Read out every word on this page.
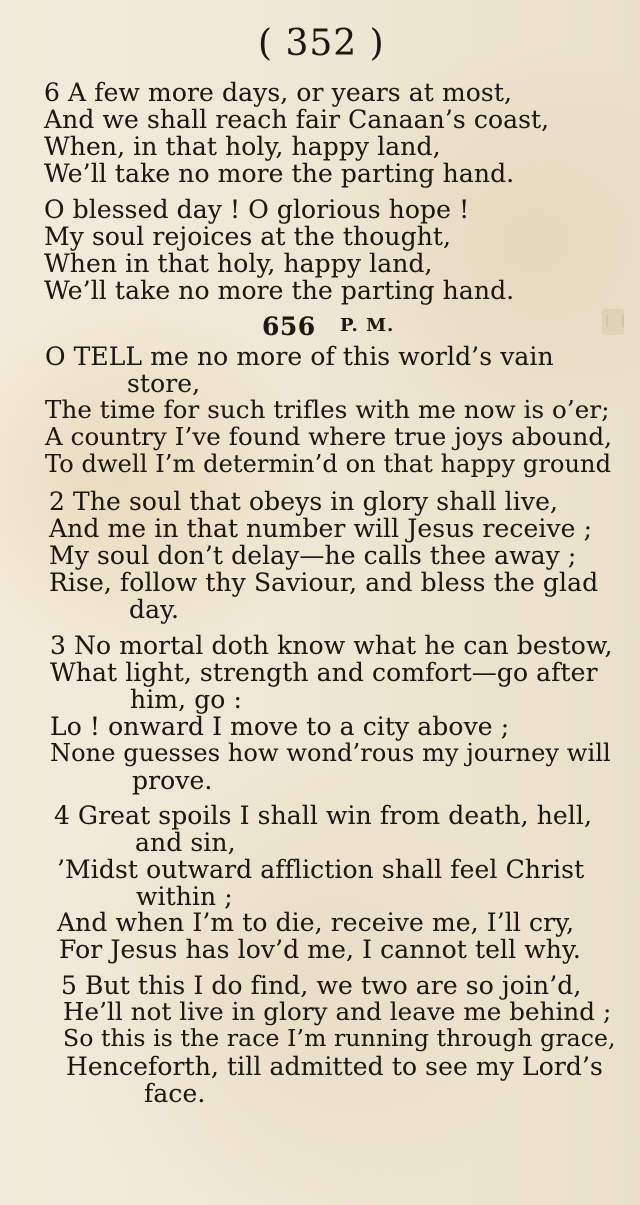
( 352 )
6 A few more days, or years at most,
And we shall reach fair Canaan’s coast,
When, in that holy, happy land,
We’ll take no more the parting hand.
O blessed day ! O glorious hope !
My soul rejoices at the thought,
When in that holy, happy land,
We’ll take no more the parting hand.
656 P. M.
O TELL me no more of this world’s vain
store,
The time for such trifles with me now is o’er;
A country I’ve found where true joys abound,
To dwell I’m determin’d on that happy ground
2 The soul that obeys in glory shall live,
And me in that number will Jesus receive ;
My soul don’t delay—he calls thee away ;
Rise, follow thy Saviour, and bless the glad
day.
3 No mortal doth know what he can bestow,
What light, strength and comfort—go after
him, go :
Lo ! onward I move to a city above ;
None guesses how wond’rous my journey will
prove.
4 Great spoils I shall win from death, hell,
and sin,
’Midst outward affliction shall feel Christ
within ;
And when I’m to die, receive me, I’ll cry,
For Jesus has lov’d me, I cannot tell why.
5 But this I do find, we two are so join’d,
He’ll not live in glory and leave me behind ;
So this is the race I’m running through grace,
Henceforth, till admitted to see my Lord’s
face.
